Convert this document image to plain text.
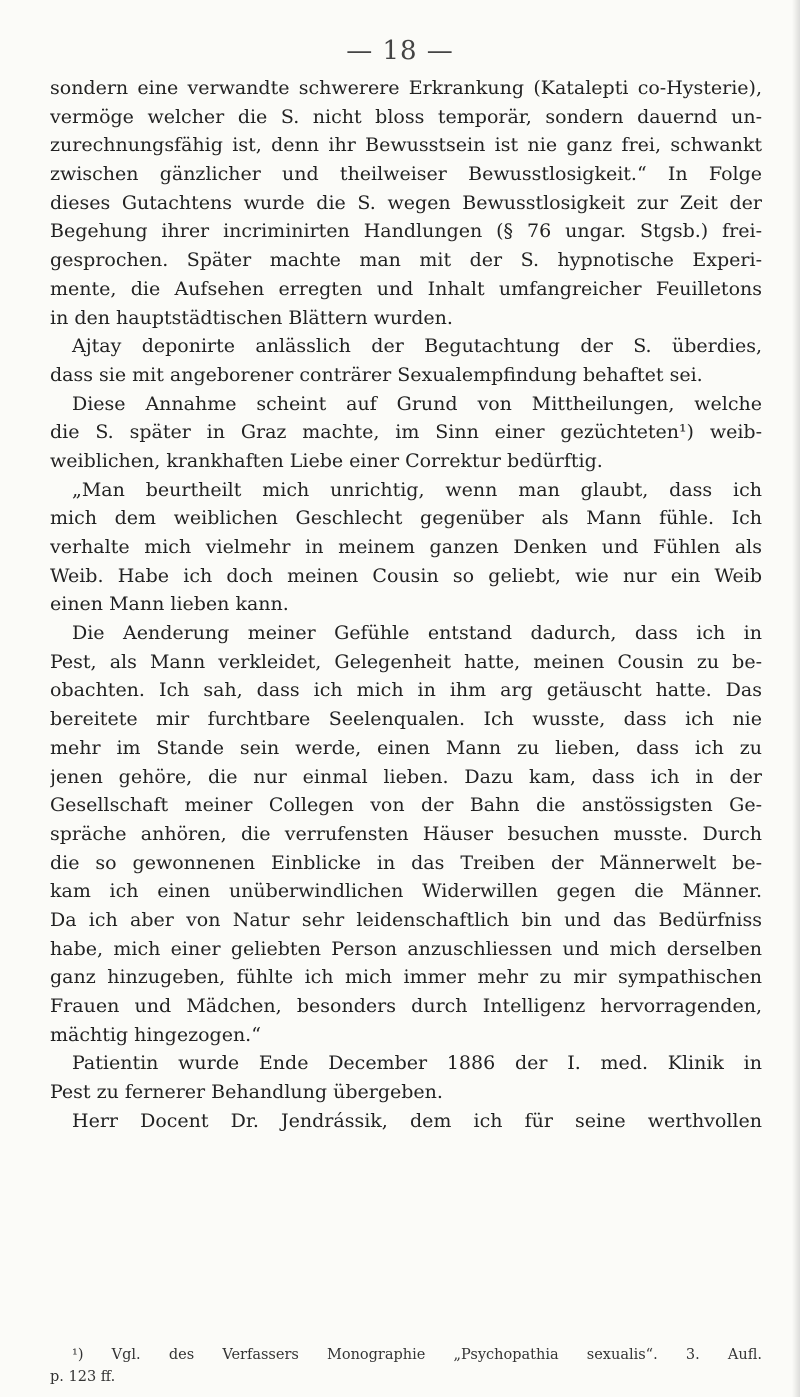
— 18 —
sondern eine verwandte schwerere Erkrankung (Katalepti co-Hysterie),
vermöge welcher die S. nicht bloss temporär, sondern dauernd un-
zurechnungsfähig ist, denn ihr Bewusstsein ist nie ganz frei, schwankt
zwischen gänzlicher und theilweiser Bewusstlosigkeit.“ In Folge
dieses Gutachtens wurde die S. wegen Bewusstlosigkeit zur Zeit der
Begehung ihrer incriminirten Handlungen (§ 76 ungar. Stgsb.) frei-
gesprochen. Später machte man mit der S. hypnotische Experi-
mente, die Aufsehen erregten und Inhalt umfangreicher Feuilletons
in den hauptstädtischen Blättern wurden.
Ajtay deponirte anlässlich der Begutachtung der S. überdies,
dass sie mit angeborener conträrer Sexualempfindung behaftet sei.
Diese Annahme scheint auf Grund von Mittheilungen, welche
die S. später in Graz machte, im Sinn einer gezüchteten¹) weib-
weiblichen, krankhaften Liebe einer Correktur bedürftig.
„Man beurtheilt mich unrichtig, wenn man glaubt, dass ich
mich dem weiblichen Geschlecht gegenüber als Mann fühle. Ich
verhalte mich vielmehr in meinem ganzen Denken und Fühlen als
Weib. Habe ich doch meinen Cousin so geliebt, wie nur ein Weib
einen Mann lieben kann.
Die Aenderung meiner Gefühle entstand dadurch, dass ich in
Pest, als Mann verkleidet, Gelegenheit hatte, meinen Cousin zu be-
obachten. Ich sah, dass ich mich in ihm arg getäuscht hatte. Das
bereitete mir furchtbare Seelenqualen. Ich wusste, dass ich nie
mehr im Stande sein werde, einen Mann zu lieben, dass ich zu
jenen gehöre, die nur einmal lieben. Dazu kam, dass ich in der
Gesellschaft meiner Collegen von der Bahn die anstössigsten Ge-
spräche anhören, die verrufensten Häuser besuchen musste. Durch
die so gewonnenen Einblicke in das Treiben der Männerwelt be-
kam ich einen unüberwindlichen Widerwillen gegen die Männer.
Da ich aber von Natur sehr leidenschaftlich bin und das Bedürfniss
habe, mich einer geliebten Person anzuschliessen und mich derselben
ganz hinzugeben, fühlte ich mich immer mehr zu mir sympathischen
Frauen und Mädchen, besonders durch Intelligenz hervorragenden,
mächtig hingezogen.“
Patientin wurde Ende December 1886 der I. med. Klinik in
Pest zu fernerer Behandlung übergeben.
Herr Docent Dr. Jendrássik, dem ich für seine werthvollen
¹) Vgl. des Verfassers Monographie „Psychopathia sexualis“. 3. Aufl.
p. 123 ff.
